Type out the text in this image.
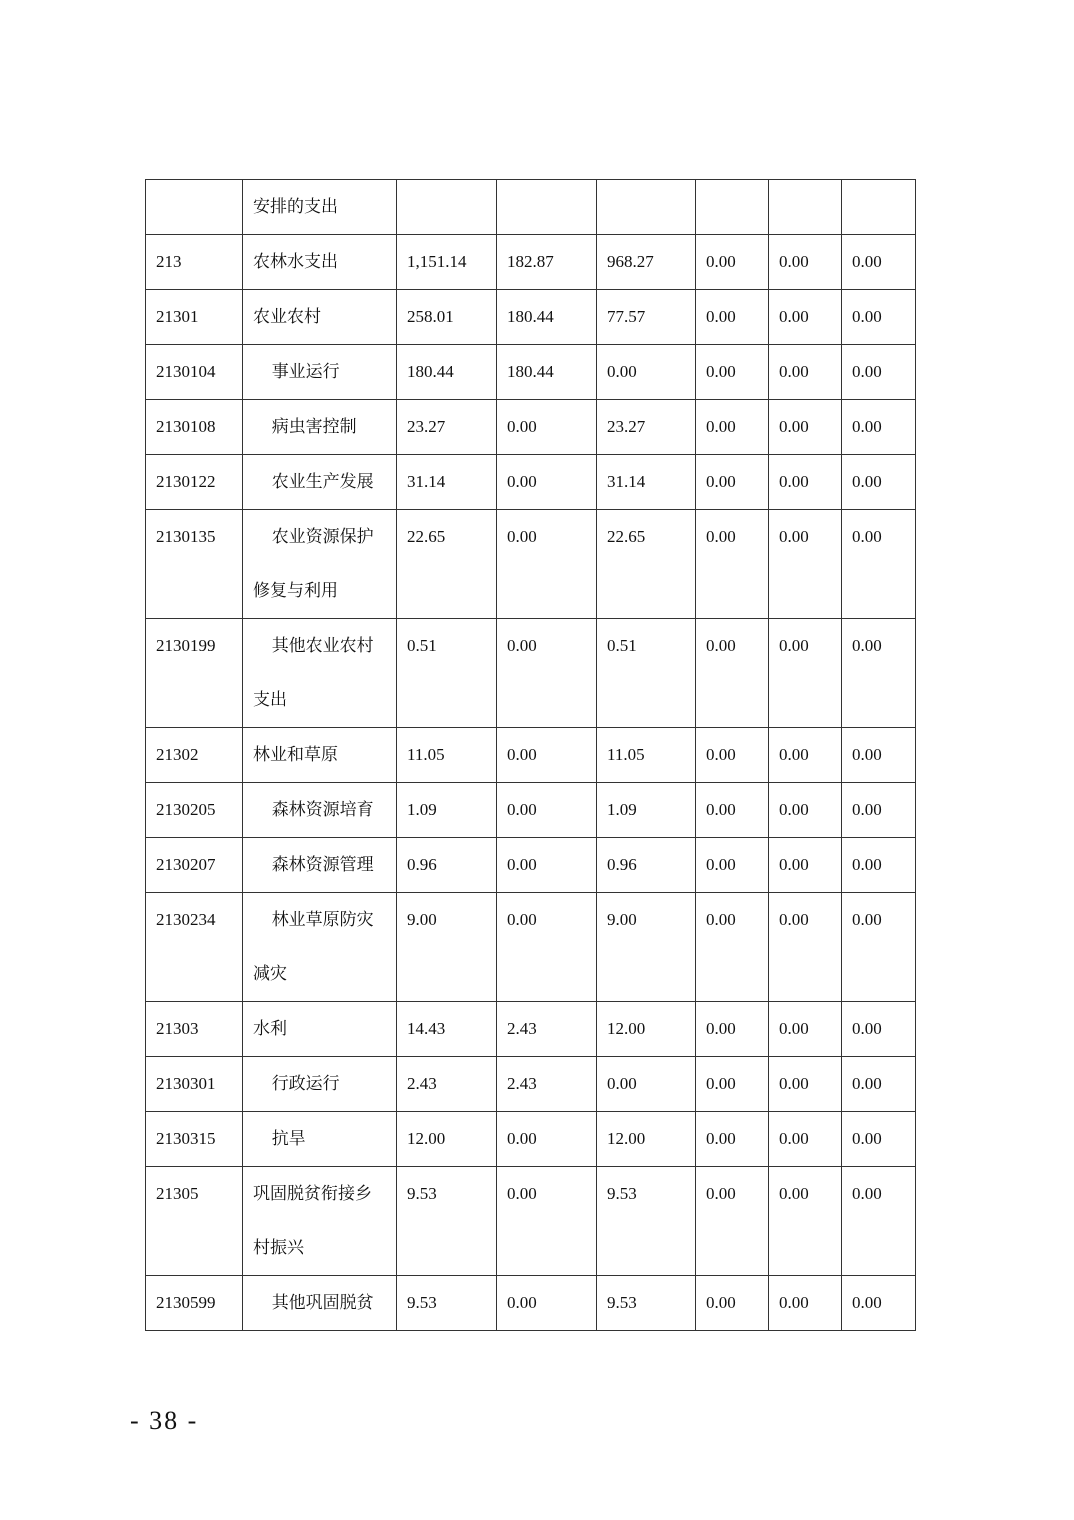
	安排的支出						
213	农林水支出	1,151.14	182.87	968.27	0.00	0.00	0.00
21301	农业农村	258.01	180.44	77.57	0.00	0.00	0.00
2130104	事业运行	180.44	180.44	0.00	0.00	0.00	0.00
2130108	病虫害控制	23.27	0.00	23.27	0.00	0.00	0.00
2130122	农业生产发展	31.14	0.00	31.14	0.00	0.00	0.00
2130135	农业资源保护修复与利用	22.65	0.00	22.65	0.00	0.00	0.00
2130199	其他农业农村支出	0.51	0.00	0.51	0.00	0.00	0.00
21302	林业和草原	11.05	0.00	11.05	0.00	0.00	0.00
2130205	森林资源培育	1.09	0.00	1.09	0.00	0.00	0.00
2130207	森林资源管理	0.96	0.00	0.96	0.00	0.00	0.00
2130234	林业草原防灾减灾	9.00	0.00	9.00	0.00	0.00	0.00
21303	水利	14.43	2.43	12.00	0.00	0.00	0.00
2130301	行政运行	2.43	2.43	0.00	0.00	0.00	0.00
2130315	抗旱	12.00	0.00	12.00	0.00	0.00	0.00
21305	巩固脱贫衔接乡村振兴	9.53	0.00	9.53	0.00	0.00	0.00
2130599	其他巩固脱贫	9.53	0.00	9.53	0.00	0.00	0.00
- 38 -
